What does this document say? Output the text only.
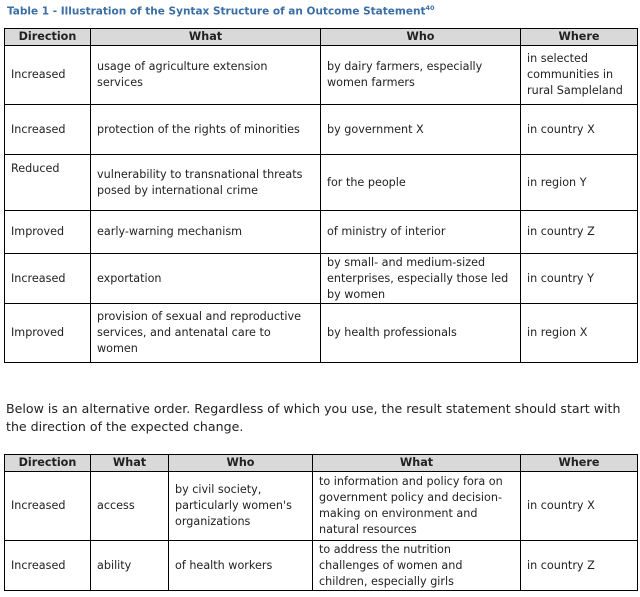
Table 1 - Illustration of the Syntax Structure of an Outcome Statement$^{40}$
Direction	What	Who	Where
Increased	usage of agriculture extension services	by dairy farmers, especially women farmers	in selected communities in rural Sampleland
Increased	protection of the rights of minorities	by government X	in country X
Reduced	vulnerability to transnational threats posed by international crime	for the people	in region Y
Improved	early-warning mechanism	of ministry of interior	in country Z
Increased	exportation	by small- and medium-sized enterprises, especially those led by women	in country Y
Improved	provision of sexual and reproductive services, and antenatal care to women	by health professionals	in region X
Below is an alternative order. Regardless of which you use, the result statement should start with the direction of the expected change.
Direction	What	Who	What	Where
Increased	access	by civil society, particularly women's organizations	to information and policy fora on government policy and decision-making on environment and natural resources	in country X
Increased	ability	of health workers	to address the nutrition challenges of women and children, especially girls	in country Z
